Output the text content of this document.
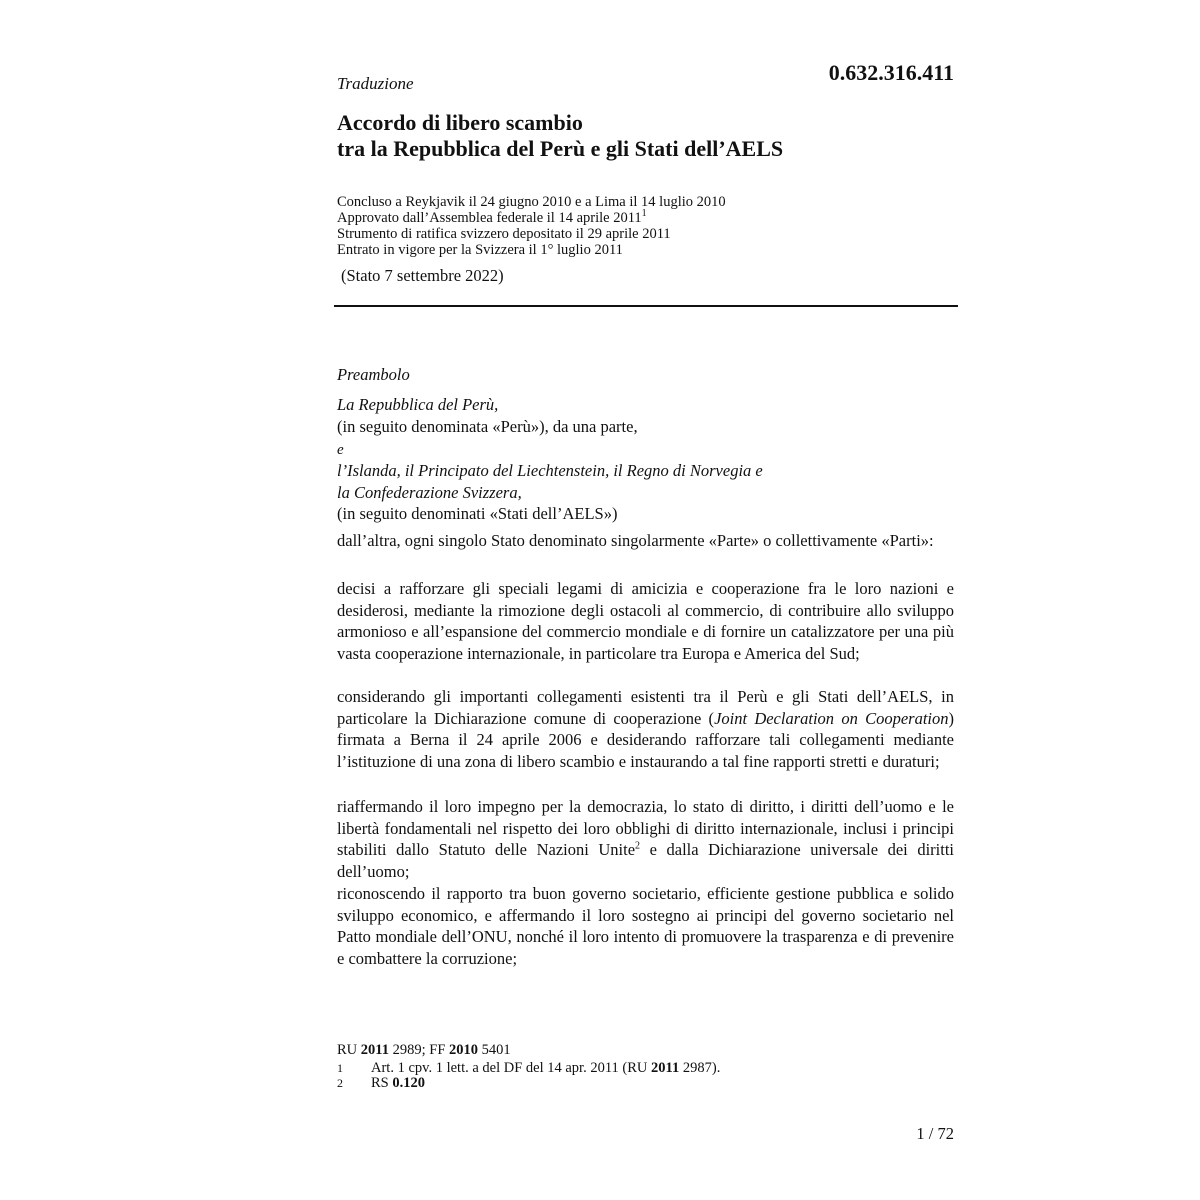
0.632.316.411
Traduzione
Accordo di libero scambio
tra la Repubblica del Perù e gli Stati dell’AELS
Concluso a Reykjavik il 24 giugno 2010 e a Lima il 14 luglio 2010
Approvato dall’Assemblea federale il 14 aprile 2011$^1$
Strumento di ratifica svizzero depositato il 29 aprile 2011
Entrato in vigore per la Svizzera il 1° luglio 2011
(Stato 7 settembre 2022)
Preambolo
La Repubblica del Perù,
(in seguito denominata «Perù»), da una parte,
e
l’Islanda, il Principato del Liechtenstein, il Regno di Norvegia e
la Confederazione Svizzera,
(in seguito denominati «Stati dell’AELS»)

dall’altra, ogni singolo Stato denominato singolarmente «Parte» o collettivamente «Parti»:

decisi a rafforzare gli speciali legami di amicizia e cooperazione fra le loro nazioni e desiderosi, mediante la rimozione degli ostacoli al commercio, di contribuire allo sviluppo armonioso e all’espansione del commercio mondiale e di fornire un catalizzatore per una più vasta cooperazione internazionale, in particolare tra Europa e America del Sud;

considerando gli importanti collegamenti esistenti tra il Perù e gli Stati dell’AELS, in particolare la Dichiarazione comune di cooperazione (Joint Declaration on Cooperation) firmata a Berna il 24 aprile 2006 e desiderando rafforzare tali collegamenti mediante l’istituzione di una zona di libero scambio e instaurando a tal fine rapporti stretti e duraturi;

riaffermando il loro impegno per la democrazia, lo stato di diritto, i diritti dell’uomo e le libertà fondamentali nel rispetto dei loro obblighi di diritto internazionale, inclusi i principi stabiliti dallo Statuto delle Nazioni Unite$^2$ e dalla Dichiarazione universale dei diritti dell’uomo;

riconoscendo il rapporto tra buon governo societario, efficiente gestione pubblica e solido sviluppo economico, e affermando il loro sostegno ai principi del governo societario nel Patto mondiale dell’ONU, nonché il loro intento di promuovere la trasparenza e di prevenire e combattere la corruzione;

RU 2011 2989; FF 2010 5401
1	Art. 1 cpv. 1 lett. a del DF del 14 apr. 2011 (RU 2011 2987).
2	RS 0.120
1 / 72
